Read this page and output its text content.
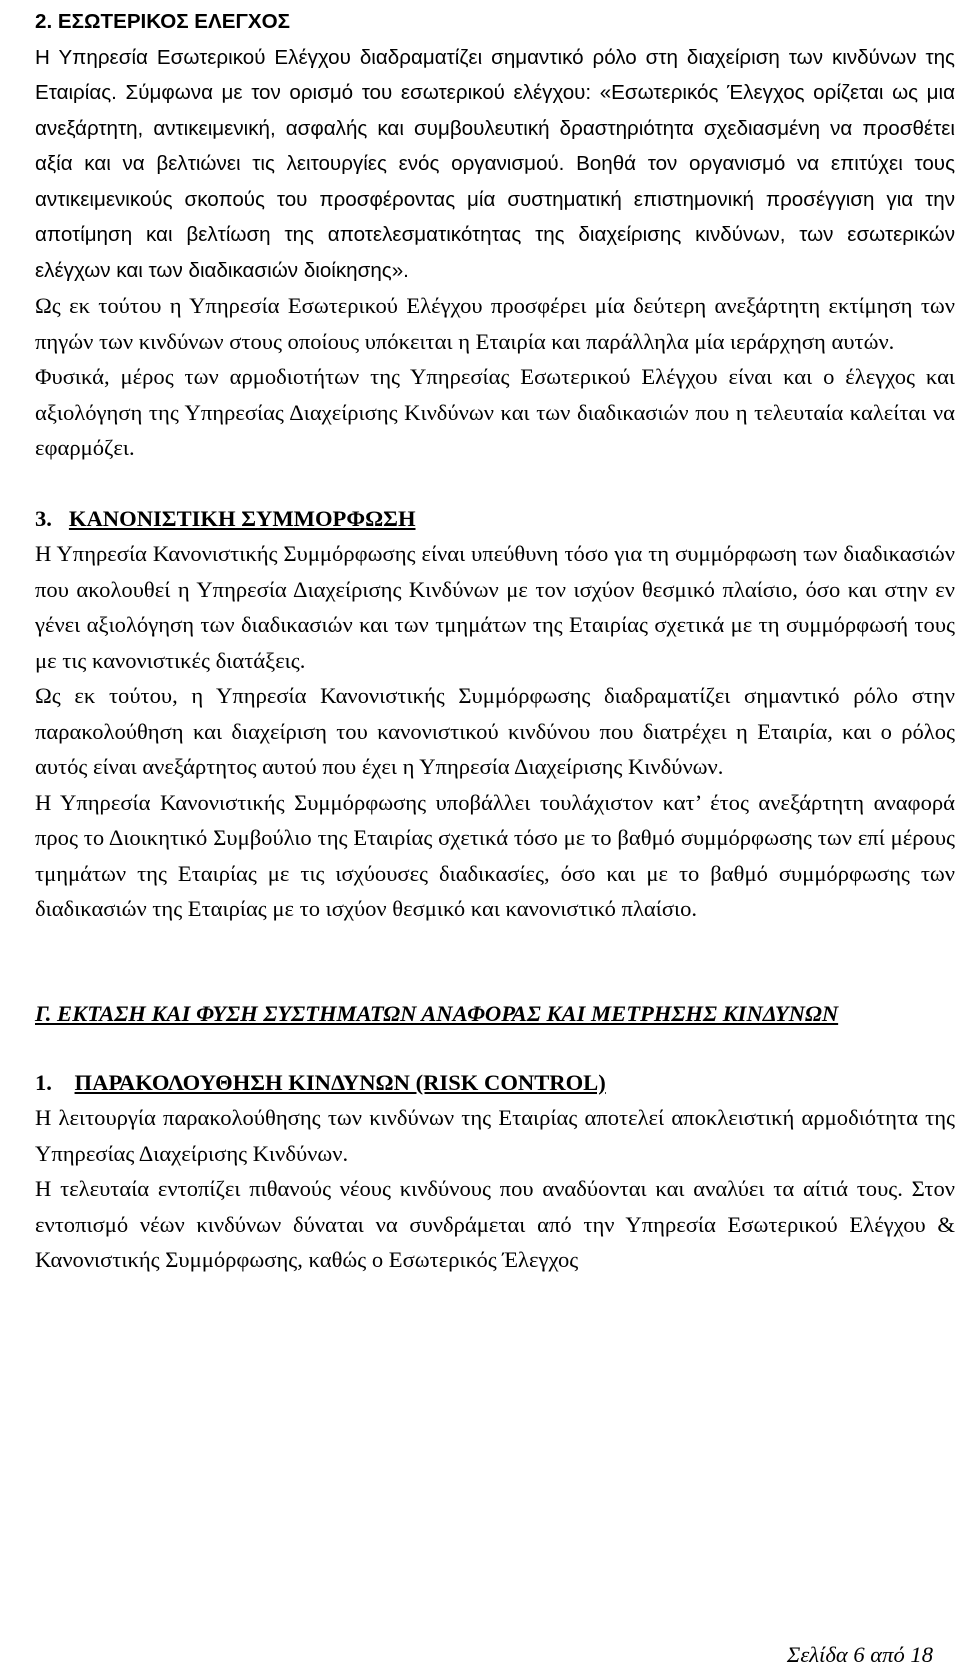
2. ΕΣΩΤΕΡΙΚΟΣ ΕΛΕΓΧΟΣ

Η Υπηρεσία Εσωτερικού Ελέγχου διαδραματίζει σημαντικό ρόλο στη διαχείριση των κινδύνων της Εταιρίας. Σύμφωνα με τον ορισμό του εσωτερικού ελέγχου: «Εσωτερικός Έλεγχος ορίζεται ως μια ανεξάρτητη, αντικειμενική, ασφαλής και συμβουλευτική δραστηριότητα σχεδιασμένη να προσθέτει αξία και να βελτιώνει τις λειτουργίες ενός οργανισμού. Βοηθά τον οργανισμό να επιτύχει τους αντικειμενικούς σκοπούς του προσφέροντας μία συστηματική επιστημονική προσέγγιση για την αποτίμηση και βελτίωση της αποτελεσματικότητας της διαχείρισης κινδύνων, των εσωτερικών ελέγχων και των διαδικασιών διοίκησης».

Ως εκ τούτου η Υπηρεσία Εσωτερικού Ελέγχου προσφέρει μία δεύτερη ανεξάρτητη εκτίμηση των πηγών των κινδύνων στους οποίους υπόκειται η Εταιρία και παράλληλα μία ιεράρχηση αυτών.

Φυσικά, μέρος των αρμοδιοτήτων της Υπηρεσίας Εσωτερικού Ελέγχου είναι και ο έλεγχος και αξιολόγηση της Υπηρεσίας Διαχείρισης Κινδύνων και των διαδικασιών που η τελευταία καλείται να εφαρμόζει.

3. ΚΑΝΟΝΙΣΤΙΚΗ ΣΥΜΜΟΡΦΩΣΗ

Η Υπηρεσία Κανονιστικής Συμμόρφωσης είναι υπεύθυνη τόσο για τη συμμόρφωση των διαδικασιών που ακολουθεί η Υπηρεσία Διαχείρισης Κινδύνων με τον ισχύον θεσμικό πλαίσιο, όσο και στην εν γένει αξιολόγηση των διαδικασιών και των τμημάτων της Εταιρίας σχετικά με τη συμμόρφωσή τους με τις κανονιστικές διατάξεις.

Ως εκ τούτου, η Υπηρεσία Κανονιστικής Συμμόρφωσης διαδραματίζει σημαντικό ρόλο στην παρακολούθηση και διαχείριση του κανονιστικού κινδύνου που διατρέχει η Εταιρία, και ο ρόλος αυτός είναι ανεξάρτητος αυτού που έχει η Υπηρεσία Διαχείρισης Κινδύνων.

Η Υπηρεσία Κανονιστικής Συμμόρφωσης υποβάλλει τουλάχιστον κατ’ έτος ανεξάρτητη αναφορά προς το Διοικητικό Συμβούλιο της Εταιρίας σχετικά τόσο με το βαθμό συμμόρφωσης των επί μέρους τμημάτων της Εταιρίας με τις ισχύουσες διαδικασίες, όσο και με το βαθμό συμμόρφωσης των διαδικασιών της Εταιρίας με το ισχύον θεσμικό και κανονιστικό πλαίσιο.

Γ. ΕΚΤΑΣΗ ΚΑΙ ΦΥΣΗ ΣΥΣΤΗΜΑΤΩΝ ΑΝΑΦΟΡΑΣ ΚΑΙ ΜΕΤΡΗΣΗΣ ΚΙΝΔΥΝΩΝ
1. ΠΑΡΑΚΟΛΟΥΘΗΣΗ ΚΙΝΔΥΝΩΝ (RISK CONTROL)

Η λειτουργία παρακολούθησης των κινδύνων της Εταιρίας αποτελεί αποκλειστική αρμοδιότητα της Υπηρεσίας Διαχείρισης Κινδύνων.

Η τελευταία εντοπίζει πιθανούς νέους κινδύνους που αναδύονται και αναλύει τα αίτιά τους. Στον εντοπισμό νέων κινδύνων δύναται να συνδράμεται από την Υπηρεσία Εσωτερικού Ελέγχου & Κανονιστικής Συμμόρφωσης, καθώς ο Εσωτερικός Έλεγχος

Σελίδα 6 από 18
